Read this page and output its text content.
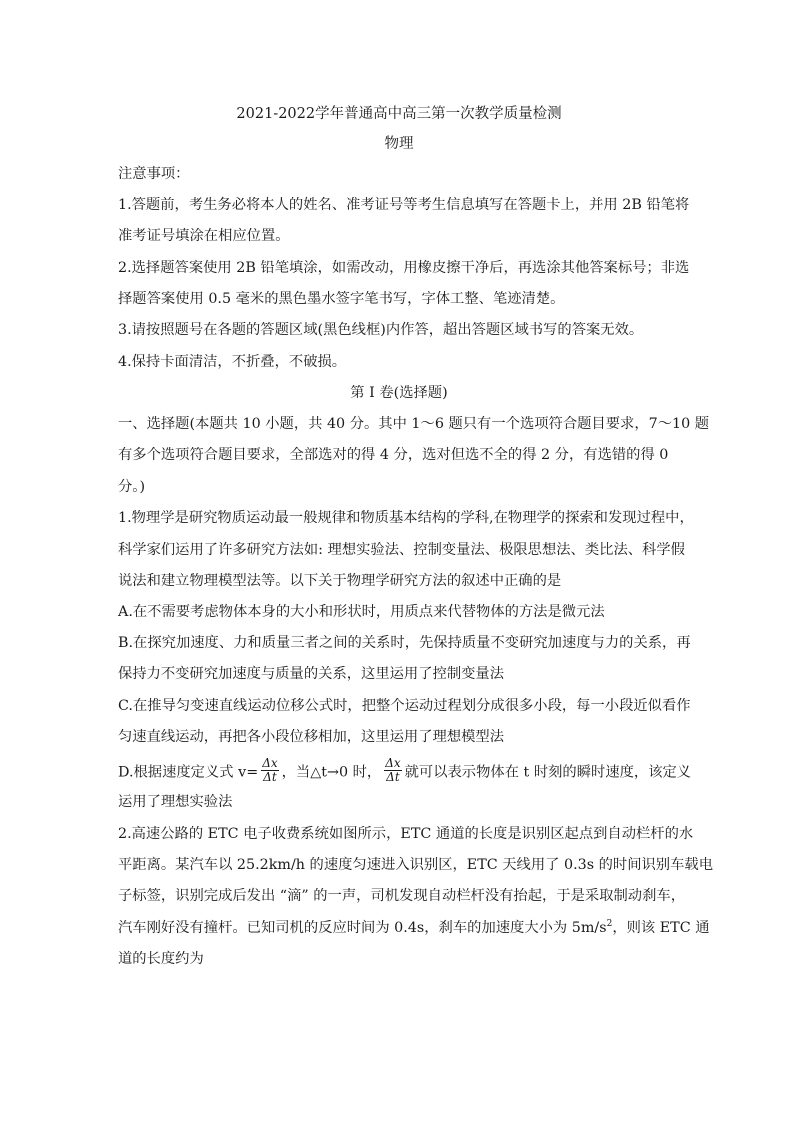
2021-2022学年普通高中高三第一次教学质量检测
物理
注意事项：
1.答题前，考生务必将本人的姓名、准考证号等考生信息填写在答题卡上，并用 2B 铅笔将
准考证号填涂在相应位置。
2.选择题答案使用 2B 铅笔填涂，如需改动，用橡皮擦干净后，再选涂其他答案标号；非选
择题答案使用 0.5 毫米的黑色墨水签字笔书写，字体工整、笔迹清楚。
3.请按照题号在各题的答题区域(黑色线框)内作答，超出答题区域书写的答案无效。
4.保持卡面清洁，不折叠，不破损。
第 I 卷(选择题)
一、选择题(本题共 10 小题，共 40 分。其中 1～6 题只有一个选项符合题目要求，7～10 题
有多个选项符合题目要求，全部选对的得 4 分，选对但选不全的得 2 分，有选错的得 0
分。)
1.物理学是研究物质运动最一般规律和物质基本结构的学科,在物理学的探索和发现过程中，
科学家们运用了许多研究方法如: 理想实验法、控制变量法、极限思想法、类比法、科学假
说法和建立物理模型法等。以下关于物理学研究方法的叙述中正确的是
A.在不需要考虑物体本身的大小和形状时，用质点来代替物体的方法是微元法
B.在探究加速度、力和质量三者之间的关系时，先保持质量不变研究加速度与力的关系，再
保持力不变研究加速度与质量的关系，这里运用了控制变量法
C.在推导匀变速直线运动位移公式时，把整个运动过程划分成很多小段，每一小段近似看作
匀速直线运动，再把各小段位移相加，这里运用了理想模型法
D.根据速度定义式 $v= \frac{\Delta x}{\Delta t}$ ，当△t→0 时， $\frac{\Delta x}{\Delta t}$ 就可以表示物体在 t 时刻的瞬时速度，该定义
运用了理想实验法
2.高速公路的 ETC 电子收费系统如图所示，ETC 通道的长度是识别区起点到自动栏杆的水
平距离。某汽车以 25.2km/h 的速度匀速进入识别区，ETC 天线用了 0.3s 的时间识别车载电
子标签，识别完成后发出 “滴” 的一声，司机发现自动栏杆没有抬起，于是采取制动刹车，
汽车刚好没有撞杆。已知司机的反应时间为 0.4s，刹车的加速度大小为 $5m/s^2$，则该 ETC 通
道的长度约为
